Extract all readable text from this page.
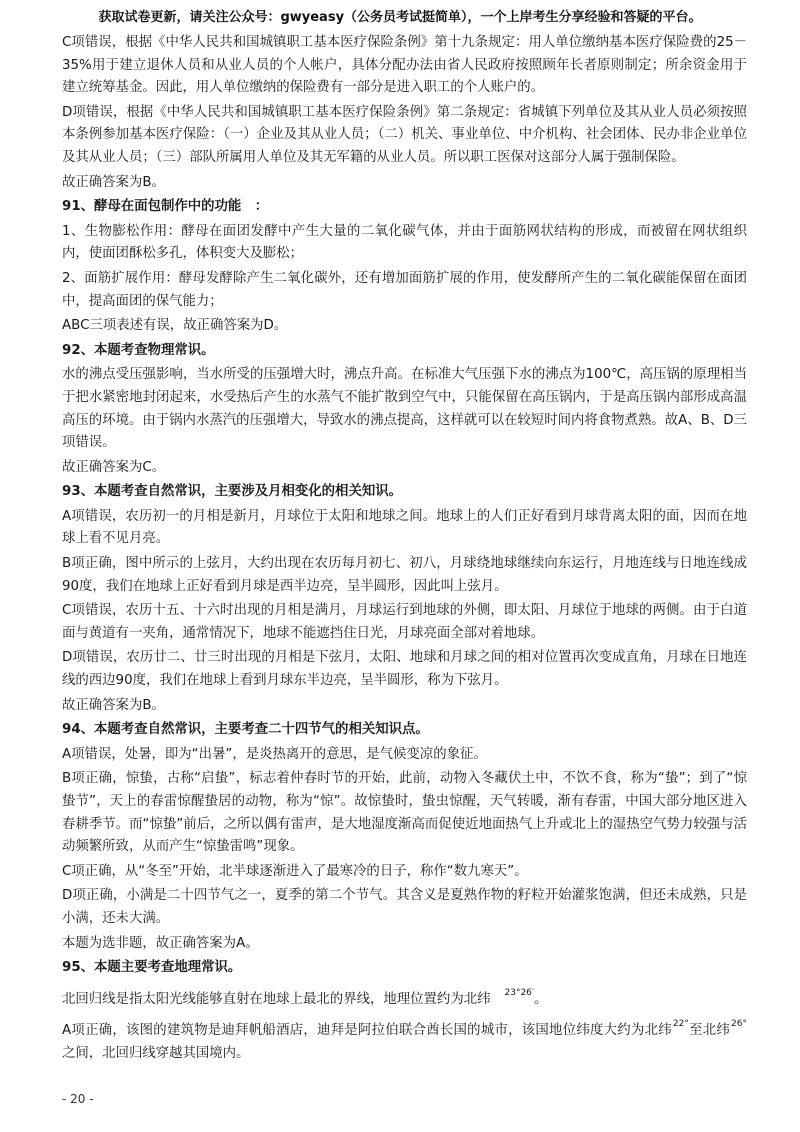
获取试卷更新，请关注公众号：gwyeasy（公务员考试挺简单），一个上岸考生分享经验和答疑的平台。

C项错误，根据《中华人民共和国城镇职工基本医疗保险条例》第十九条规定：用人单位缴纳基本医疗保险费的25－35%用于建立退休人员和从业人员的个人帐户，具体分配办法由省人民政府按照顾年长者原则制定；所余资金用于建立统筹基金。因此，用人单位缴纳的保险费有一部分是进入职工的个人账户的。

D项错误，根据《中华人民共和国城镇职工基本医疗保险条例》第二条规定：省城镇下列单位及其从业人员必须按照本条例参加基本医疗保险：（一）企业及其从业人员；（二）机关、事业单位、中介机构、社会团体、民办非企业单位及其从业人员；（三）部队所属用人单位及其无军籍的从业人员。所以职工医保对这部分人属于强制保险。

故正确答案为B。

91、酵母在面包制作中的功能　：

1、生物膨松作用：酵母在面团发酵中产生大量的二氧化碳气体，并由于面筋网状结构的形成，而被留在网状组织内，使面团酥松多孔，体积变大及膨松；

2、面筋扩展作用：酵母发酵除产生二氧化碳外，还有增加面筋扩展的作用，使发酵所产生的二氧化碳能保留在面团中，提高面团的保气能力；

ABC三项表述有误，故正确答案为D。

92、本题考查物理常识。

水的沸点受压强影响，当水所受的压强增大时，沸点升高。在标准大气压强下水的沸点为100℃，高压锅的原理相当于把水紧密地封闭起来，水受热后产生的水蒸气不能扩散到空气中，只能保留在高压锅内，于是高压锅内部形成高温高压的环境。由于锅内水蒸汽的压强增大，导致水的沸点提高，这样就可以在较短时间内将食物煮熟。故A、B、D三项错误。

故正确答案为C。

93、本题考查自然常识，主要涉及月相变化的相关知识。

A项错误，农历初一的月相是新月，月球位于太阳和地球之间。地球上的人们正好看到月球背离太阳的面，因而在地球上看不见月亮。

B项正确，图中所示的上弦月，大约出现在农历每月初七、初八，月球绕地球继续向东运行，月地连线与日地连线成90度，我们在地球上正好看到月球是西半边亮，呈半圆形，因此叫上弦月。

C项错误，农历十五、十六时出现的月相是满月，月球运行到地球的外侧，即太阳、月球位于地球的两侧。由于白道面与黄道有一夹角，通常情况下，地球不能遮挡住日光，月球亮面全部对着地球。

D项错误，农历廿二、廿三时出现的月相是下弦月，太阳、地球和月球之间的相对位置再次变成直角，月球在日地连线的西边90度，我们在地球上看到月球东半边亮，呈半圆形，称为下弦月。

故正确答案为B。

94、本题考查自然常识，主要考查二十四节气的相关知识点。

A项错误，处暑，即为“出暑”，是炎热离开的意思，是气候变凉的象征。

B项正确，惊蛰，古称“启蛰”，标志着仲春时节的开始，此前，动物入冬藏伏土中，不饮不食，称为“蛰”；到了“惊蛰节”，天上的春雷惊醒蛰居的动物，称为“惊”。故惊蛰时，蛰虫惊醒，天气转暖，渐有春雷，中国大部分地区进入春耕季节。而“惊蛰”前后，之所以偶有雷声，是大地湿度渐高而促使近地面热气上升或北上的湿热空气势力较强与活动频繁所致，从而产生“惊蛰雷鸣”现象。

C项正确，从“冬至”开始，北半球逐渐进入了最寒冷的日子，称作“数九寒天”。

D项正确，小满是二十四节气之一，夏季的第二个节气。其含义是夏熟作物的籽粒开始灌浆饱满，但还未成熟，只是小满，还未大满。

本题为选非题，故正确答案为A。

95、本题主要考查地理常识。

北回归线是指太阳光线能够直射在地球上最北的界线，地理位置约为北纬 $^{23^\circ 26'}$。

A项正确，该图的建筑物是迪拜帆船酒店，迪拜是阿拉伯联合酋长国的城市，该国地位纬度大约为北纬$^{22^\circ}$至北纬$^{26^\circ}$之间，北回归线穿越其国境内。

- 20 -
